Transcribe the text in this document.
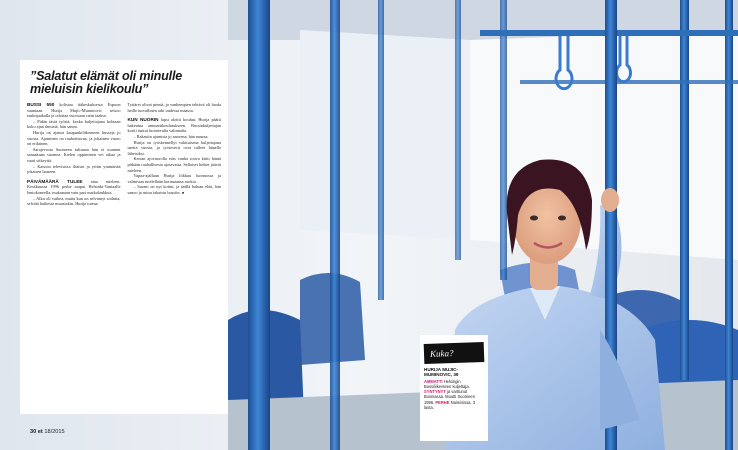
”Salatut elämät oli minulle
mieluisin kielikoulu”

BUSSI 550 kolistaa itäkeskuksesta Espoon suuntaan. Hurija Mujic-Muminovic seisoo taukopaikalla ja odottaa vuoroaan ratin taakse.

– Pidän tästä työstä, koska kuljettajana kohtaan koko ajan ihmisiä, hän sanoo.

Hurija on ajanut kaupunkiliikenteen busseja jo vuosia. Ajaminen on rauhoittavaa, ja jokainen vuoro on erilainen.

Sarajevosta Suomeen tultuaan hän ei osannut sanaakaan suomea. Kielen oppiminen vei aikaa ja vaati sitkeyttä.

– Katsoin televisiota iltaisin ja yritin ymmärtää jokaisen lauseen.

PÄIVÄMÄÄRÄ TULEE aina mieleen. Kesäkuussa 1996 perhe saapui Helsinki-Vantaalle lentokoneella, mukanaan vain pari matkalaukkua.

– Alku oli vaikea, mutta kun on selvinnyt sodasta, selviää kaikesta muustakin, Hurija toteaa.

Tyttäret olivat pieniä, ja vanhempien tehtävä oli luoda heille turvallinen arki uudessa maassa.

KUN NUORIN lapsi aloitti koulun, Hurija päätti hakeutua ammattikoulutukseen. Bussinkuljettajan kortti tuntui luontevalta valinnalta.

– Rakastin ajamista jo nuorena, hän nauraa.

Hurija on työskennellyt vakituisena kuljettajana useita vuosia, ja työtoverit ovat tulleet hänelle läheisiksi.

Kerran ajovuorolla eräs vanha rouva kiitti häntä pitkään rauhallisesta ajotavasta. Sellaiset hetket jäävät mieleen.

Vapaa-ajallaan Hurija liikkuu luonnossa ja valmistaa mielellään kotimaansa ruokia.

– Suomi on nyt kotini, ja täällä haluan elää, hän sanoo ja astuu takaisin bussiin. ●

30 et 18/2015
Kuka?
HURIJA MUJIC-MUMINOVIC, 39
AMMATTI Helsingin Bussiliikenteen kuljettaja. SYNTYNYT ja varttunut Bosniassa. Muutti Suomeen 1996. PERHE Naimisissa, 3 lasta.
